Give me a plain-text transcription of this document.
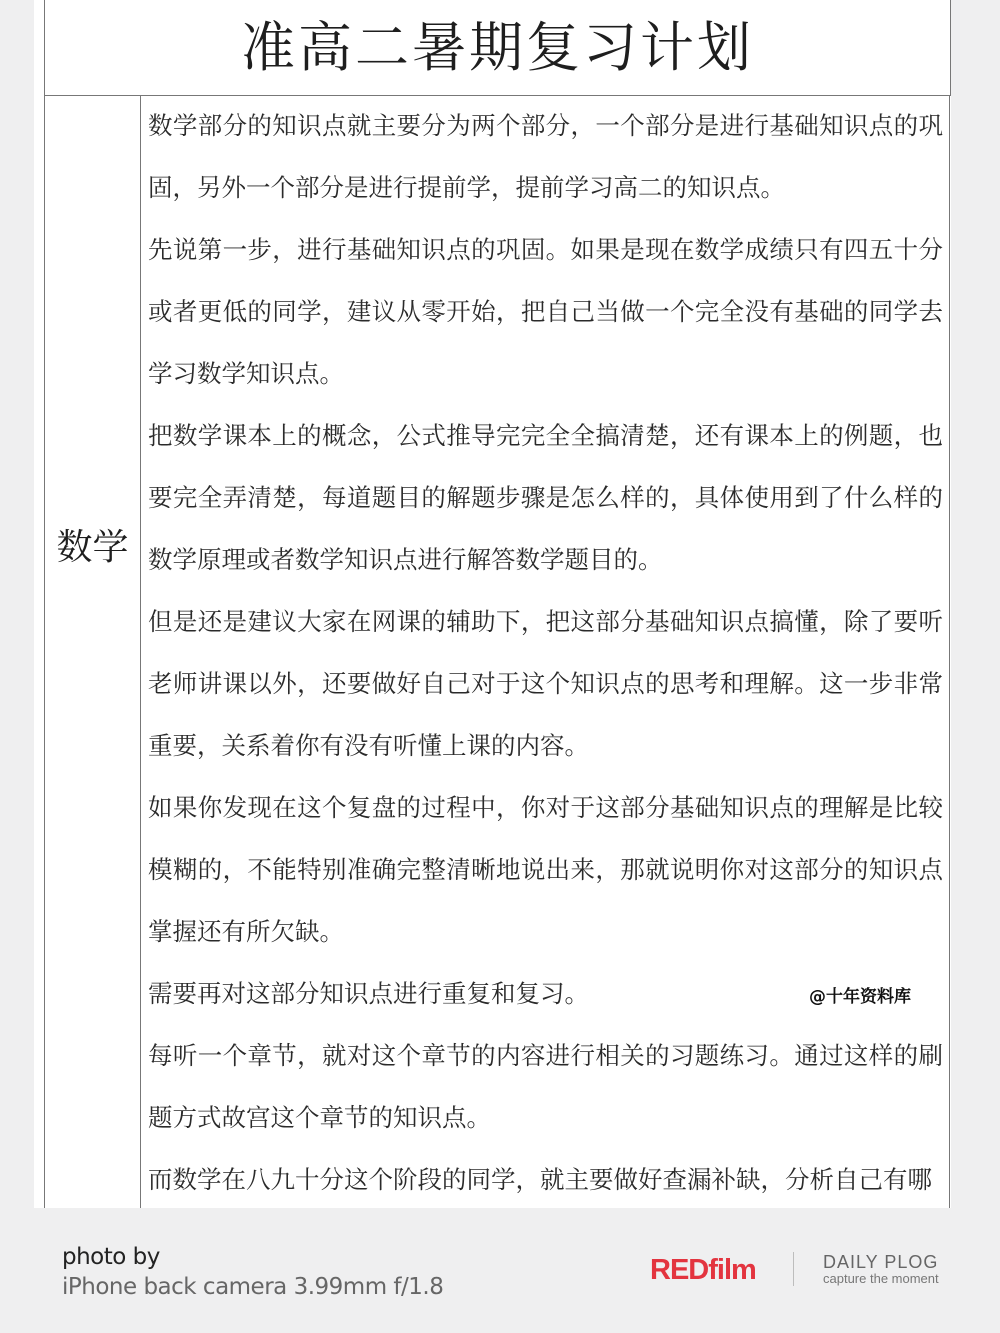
准高二暑期复习计划
数学

数学部分的知识点就主要分为两个部分，一个部分是进行基础知识点的巩固，另外一个部分是进行提前学，提前学习高二的知识点。

先说第一步，进行基础知识点的巩固。如果是现在数学成绩只有四五十分或者更低的同学，建议从零开始，把自己当做一个完全没有基础的同学去学习数学知识点。

把数学课本上的概念，公式推导完完全全搞清楚，还有课本上的例题，也要完全弄清楚，每道题目的解题步骤是怎么样的，具体使用到了什么样的数学原理或者数学知识点进行解答数学题目的。

但是还是建议大家在网课的辅助下，把这部分基础知识点搞懂，除了要听老师讲课以外，还要做好自己对于这个知识点的思考和理解。这一步非常重要，关系着你有没有听懂上课的内容。

如果你发现在这个复盘的过程中，你对于这部分基础知识点的理解是比较模糊的，不能特别准确完整清晰地说出来，那就说明你对这部分的知识点掌握还有所欠缺。

需要再对这部分知识点进行重复和复习。

每听一个章节，就对这个章节的内容进行相关的习题练习。通过这样的刷题方式故宫这个章节的知识点。

而数学在八九十分这个阶段的同学，就主要做好查漏补缺，分析自己有哪

@十年资料库
photo by
iPhone back camera 3.99mm f/1.8
REDfilm	DAILY PLOG
capture the moment
